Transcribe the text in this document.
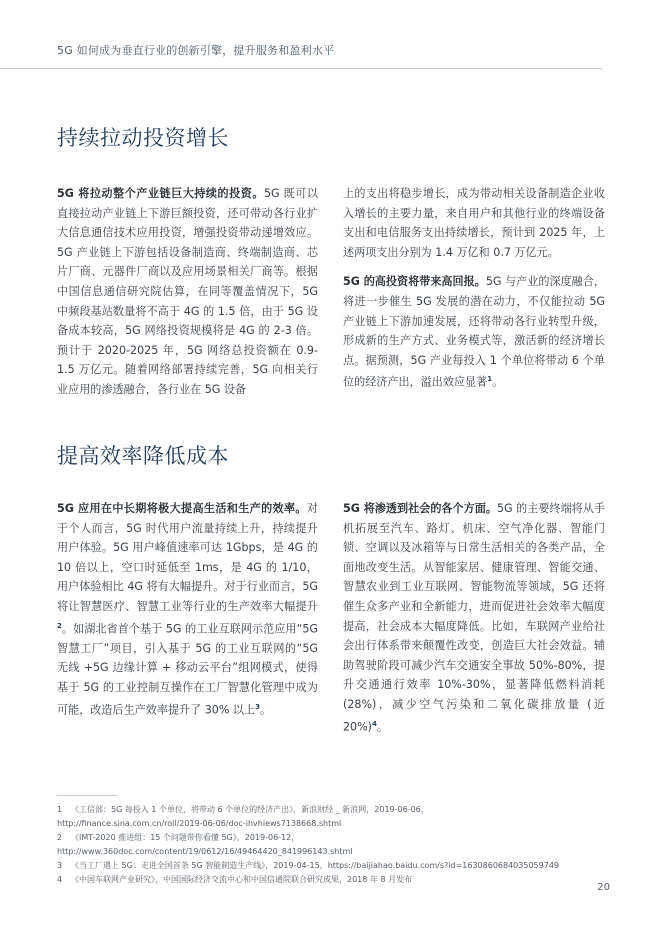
5G 如何成为垂直行业的创新引擎，提升服务和盈利水平
持续拉动投资增长

5G 将拉动整个产业链巨大持续的投资。5G 既可以直接拉动产业链上下游巨额投资，还可带动各行业扩大信息通信技术应用投资，增强投资带动递增效应。5G 产业链上下游包括设备制造商、终端制造商、芯片厂商、元器件厂商以及应用场景相关厂商等。根据中国信息通信研究院估算，在同等覆盖情况下，5G 中频段基站数量将不高于 4G 的 1.5 倍，由于 5G 设备成本较高，5G 网络投资规模将是 4G 的 2-3 倍。预计于 2020-2025 年，5G 网络总投资额在 0.9-1.5 万亿元。随着网络部署持续完善，5G 向相关行业应用的渗透融合，各行业在 5G 设备

上的支出将稳步增长，成为带动相关设备制造企业收入增长的主要力量，来自用户和其他行业的终端设备支出和电信服务支出持续增长，预计到 2025 年，上述两项支出分别为 1.4 万亿和 0.7 万亿元。

5G 的高投资将带来高回报。5G 与产业的深度融合，将进一步催生 5G 发展的潜在动力，不仅能拉动 5G 产业链上下游加速发展，还将带动各行业转型升级，形成新的生产方式、业务模式等，激活新的经济增长点。据预测，5G 产业每投入 1 个单位将带动 6 个单位的经济产出，溢出效应显著$^1$。

提高效率降低成本

5G 应用在中长期将极大提高生活和生产的效率。对于个人而言，5G 时代用户流量持续上升，持续提升用户体验。5G 用户峰值速率可达 1Gbps，是 4G 的 10 倍以上，空口时延低至 1ms，是 4G 的 1/10，用户体验相比 4G 将有大幅提升。对于行业而言，5G 将让智慧医疗、智慧工业等行业的生产效率大幅提升$^2$。如湖北省首个基于 5G 的工业互联网示范应用“5G 智慧工厂”项目，引入基于 5G 的工业互联网的“5G 无线 +5G 边缘计算 + 移动云平台”组网模式，使得基于 5G 的工业控制互操作在工厂智慧化管理中成为可能，改造后生产效率提升了 30% 以上$^3$。

5G 将渗透到社会的各个方面。5G 的主要终端将从手机拓展至汽车、路灯、机床、空气净化器、智能门锁、空调以及冰箱等与日常生活相关的各类产品，全面地改变生活。从智能家居、健康管理、智能交通、智慧农业到工业互联网、智能物流等领域，5G 还将催生众多产业和全新能力，进而促进社会效率大幅度提高，社会成本大幅度降低。比如，车联网产业给社会出行体系带来颠覆性改变，创造巨大社会效益。辅助驾驶阶段可减少汽车交通安全事故 50%-80%，提升交通通行效率 10%-30%，显著降低燃料消耗 (28%)，减少空气污染和二氧化碳排放量 (近 20%)$^4$。

1 《工信部：5G 每投入 1 个单位，将带动 6 个单位的经济产出》，新浪财经 _ 新浪网，2019-06-06，
http://finance.sina.com.cn/roll/2019-06-06/doc-ihvhiews7138668.shtml
2 《IMT-2020 推进组：15 个问题带你看懂 5G》，2019-06-12，
http://www.360doc.com/content/19/0612/16/49464420_841996143.shtml
3 《当工厂遇上 5G：走进全国首条 5G 智能制造生产线》，2019-04-15，https://baijiahao.baidu.com/s?id=1630860684035059749
4 《中国车联网产业研究》，中国国际经济交流中心和中国信通院联合研究成果，2018 年 8 月发布
20
